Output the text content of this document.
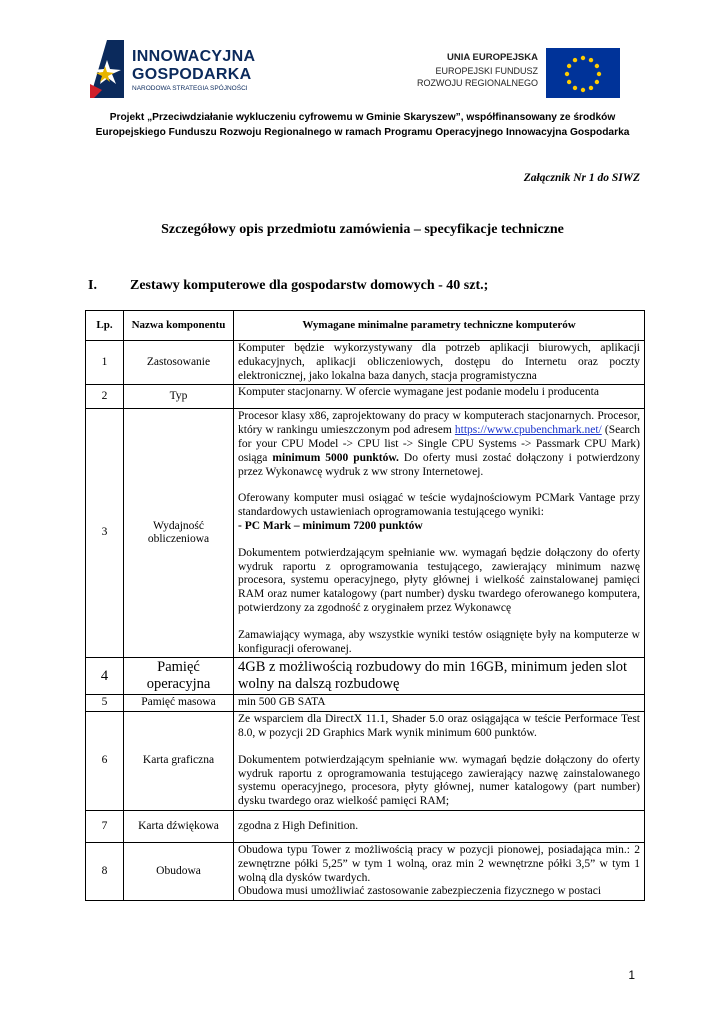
INNOWACYJNA
GOSPODARKA
NARODOWA STRATEGIA SPÓJNOŚCI
UNIA EUROPEJSKA
EUROPEJSKI FUNDUSZ
ROZWOJU REGIONALNEGO
Projekt „Przeciwdziałanie wykluczeniu cyfrowemu w Gminie Skaryszew”, współfinansowany ze środków Europejskiego Funduszu Rozwoju Regionalnego w ramach Programu Operacyjnego Innowacyjna Gospodarka
Załącznik Nr 1 do SIWZ
Szczegółowy opis przedmiotu zamówienia – specyfikacje techniczne
I. Zestawy komputerowe dla gospodarstw domowych - 40 szt.;
Lp.	Nazwa komponentu	Wymagane minimalne parametry techniczne komputerów
1	Zastosowanie	Komputer będzie wykorzystywany dla potrzeb aplikacji biurowych, aplikacji edukacyjnych, aplikacji obliczeniowych, dostępu do Internetu oraz poczty elektronicznej, jako lokalna baza danych, stacja programistyczna
2	Typ	Komputer stacjonarny. W ofercie wymagane jest podanie modelu i producenta
3	Wydajność obliczeniowa	Procesor klasy x86, zaprojektowany do pracy w komputerach stacjonarnych. Procesor, który w rankingu umieszczonym pod adresem https://www.cpubenchmark.net/ (Search for your CPU Model -> CPU list -> Single CPU Systems -> Passmark CPU Mark) osiąga minimum 5000 punktów. Do oferty musi zostać dołączony i potwierdzony przez Wykonawcę wydruk z ww strony Internetowej.

Oferowany komputer musi osiągać w teście wydajnościowym PCMark Vantage przy standardowych ustawieniach oprogramowania testującego wyniki:
- PC Mark – minimum 7200 punktów

Dokumentem potwierdzającym spełnianie ww. wymagań będzie dołączony do oferty wydruk raportu z oprogramowania testującego, zawierający minimum nazwę procesora, systemu operacyjnego, płyty głównej i wielkość zainstalowanej pamięci RAM oraz numer katalogowy (part number) dysku twardego oferowanego komputera, potwierdzony za zgodność z oryginałem przez Wykonawcę

Zamawiający wymaga, aby wszystkie wyniki testów osiągnięte były na komputerze w konfiguracji oferowanej.

4	Pamięć operacyjna	4GB z możliwością rozbudowy do min 16GB, minimum jeden slot wolny na dalszą rozbudowę
5	Pamięć masowa	min 500 GB SATA
6	Karta graficzna	Ze wsparciem dla DirectX 11.1, Shader 5.0 oraz osiągająca w teście Performace Test 8.0, w pozycji 2D Graphics Mark wynik minimum 600 punktów.

Dokumentem potwierdzającym spełnianie ww. wymagań będzie dołączony do oferty wydruk raportu z oprogramowania testującego zawierający nazwę zainstalowanego systemu operacyjnego, procesora, płyty głównej, numer katalogowy (part number) dysku twardego oraz wielkość pamięci RAM;

7	Karta dźwiękowa	zgodna z High Definition.
8	Obudowa	Obudowa typu Tower z możliwością pracy w pozycji pionowej, posiadająca min.: 2 zewnętrzne półki 5,25” w tym 1 wolną, oraz min 2 wewnętrzne półki 3,5” w tym 1 wolną dla dysków twardych.
Obudowa musi umożliwiać zastosowanie zabezpieczenia fizycznego w postaci
1
